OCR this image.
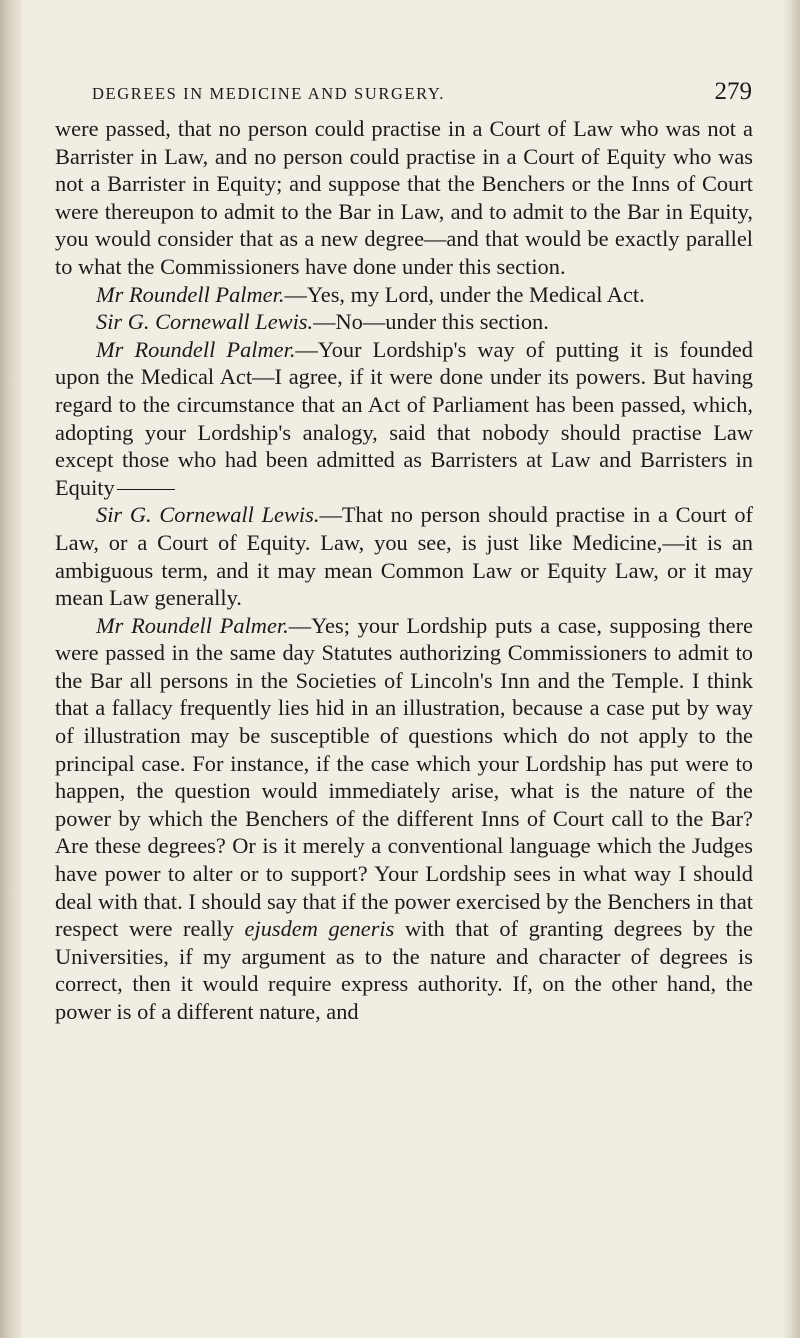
DEGREES IN MEDICINE AND SURGERY.	279

were passed, that no person could practise in a Court of Law who was not a Barrister in Law, and no person could practise in a Court of Equity who was not a Barrister in Equity; and suppose that the Benchers or the Inns of Court were thereupon to admit to the Bar in Law, and to admit to the Bar in Equity, you would consider that as a new degree—and that would be exactly parallel to what the Commissioners have done under this section.

Mr Roundell Palmer.—Yes, my Lord, under the Medical Act.

Sir G. Cornewall Lewis.—No—under this section.

Mr Roundell Palmer.—Your Lordship's way of putting it is founded upon the Medical Act—I agree, if it were done under its powers. But having regard to the circumstance that an Act of Parliament has been passed, which, adopting your Lordship's analogy, said that nobody should practise Law except those who had been admitted as Barristers at Law and Barristers in Equity

Sir G. Cornewall Lewis.—That no person should practise in a Court of Law, or a Court of Equity. Law, you see, is just like Medicine,—it is an ambiguous term, and it may mean Common Law or Equity Law, or it may mean Law generally.

Mr Roundell Palmer.—Yes; your Lordship puts a case, supposing there were passed in the same day Statutes authorizing Commissioners to admit to the Bar all persons in the Societies of Lincoln's Inn and the Temple. I think that a fallacy frequently lies hid in an illustration, because a case put by way of illustration may be susceptible of questions which do not apply to the principal case. For instance, if the case which your Lordship has put were to happen, the question would immediately arise, what is the nature of the power by which the Benchers of the different Inns of Court call to the Bar? Are these degrees? Or is it merely a conventional language which the Judges have power to alter or to support? Your Lordship sees in what way I should deal with that. I should say that if the power exercised by the Benchers in that respect were really ejusdem generis with that of granting degrees by the Universities, if my argument as to the nature and character of degrees is correct, then it would require express authority. If, on the other hand, the power is of a different nature, and
